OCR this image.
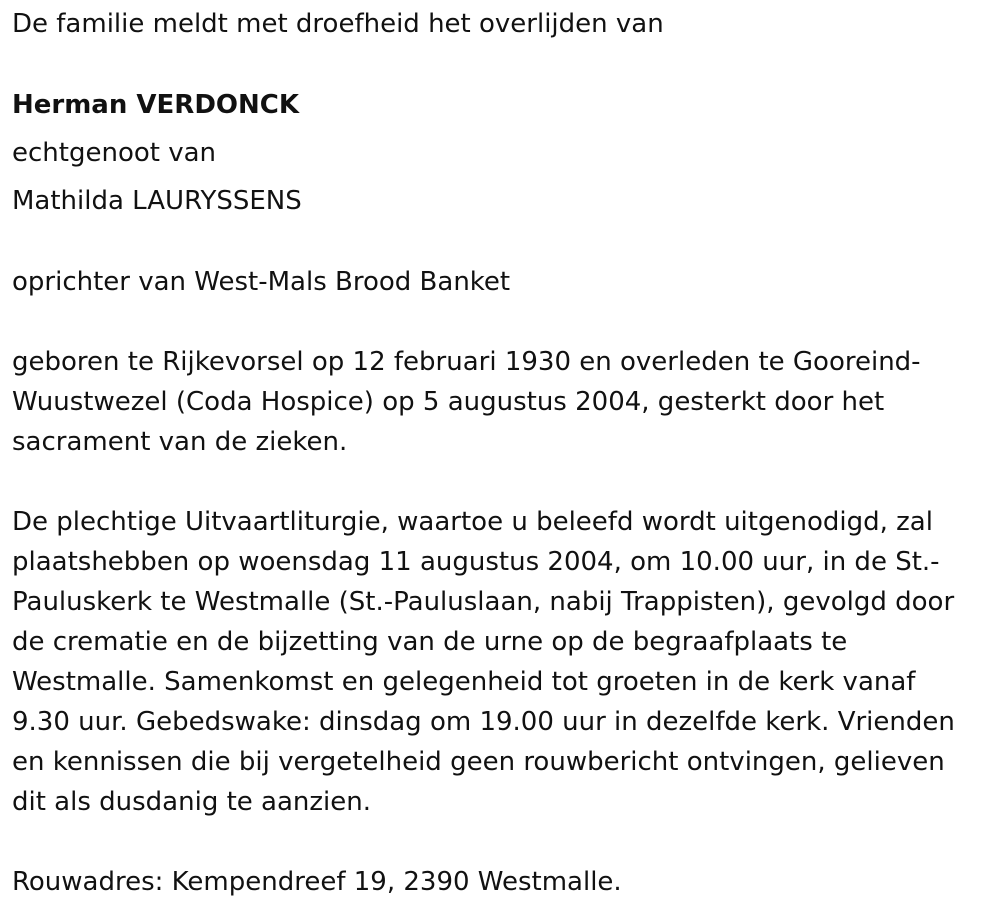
De familie meldt met droefheid het overlijden van
Herman VERDONCK
echtgenoot van
Mathilda LAURYSSENS
oprichter van West-Mals Brood Banket
geboren te Rijkevorsel op 12 februari 1930 en overleden te Gooreind-Wuustwezel (Coda Hospice) op 5 augustus 2004, gesterkt door het sacrament van de zieken.
De plechtige Uitvaartliturgie, waartoe u beleefd wordt uitgenodigd, zal plaatshebben op woensdag 11 augustus 2004, om 10.00 uur, in de St.-Pauluskerk te Westmalle (St.-Pauluslaan, nabij Trappisten), gevolgd door de crematie en de bijzetting van de urne op de begraafplaats te Westmalle. Samenkomst en gelegenheid tot groeten in de kerk vanaf 9.30 uur. Gebedswake: dinsdag om 19.00 uur in dezelfde kerk. Vrienden en kennissen die bij vergetelheid geen rouwbericht ontvingen, gelieven dit als dusdanig te aanzien.
Rouwadres: Kempendreef 19, 2390 Westmalle.
